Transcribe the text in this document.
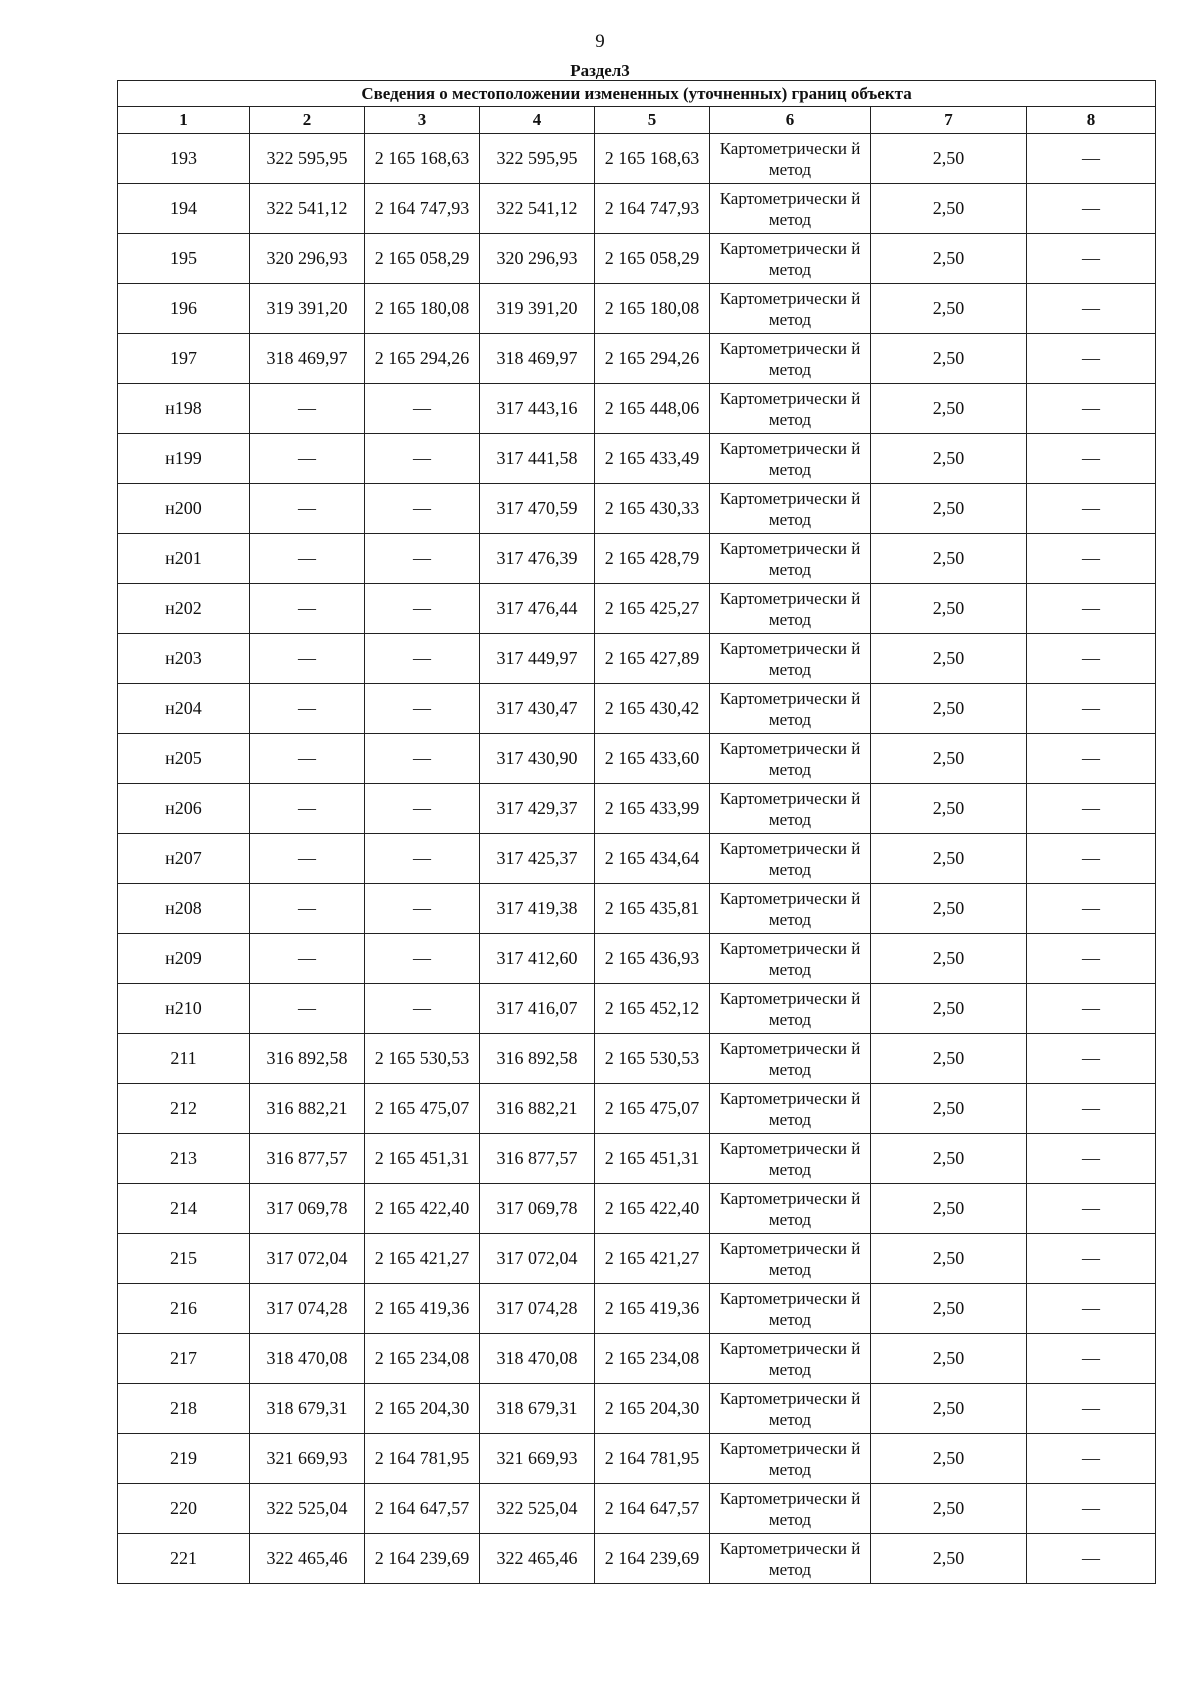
9
Раздел3
Сведения о местоположении измененных (уточненных) границ объекта							
1	2	3	4	5	6	7	8
193	322 595,95	2 165 168,63	322 595,95	2 165 168,63	Картометрически й метод	2,50	—
194	322 541,12	2 164 747,93	322 541,12	2 164 747,93	Картометрически й метод	2,50	—
195	320 296,93	2 165 058,29	320 296,93	2 165 058,29	Картометрически й метод	2,50	—
196	319 391,20	2 165 180,08	319 391,20	2 165 180,08	Картометрически й метод	2,50	—
197	318 469,97	2 165 294,26	318 469,97	2 165 294,26	Картометрически й метод	2,50	—
н198	—	—	317 443,16	2 165 448,06	Картометрически й метод	2,50	—
н199	—	—	317 441,58	2 165 433,49	Картометрически й метод	2,50	—
н200	—	—	317 470,59	2 165 430,33	Картометрически й метод	2,50	—
н201	—	—	317 476,39	2 165 428,79	Картометрически й метод	2,50	—
н202	—	—	317 476,44	2 165 425,27	Картометрически й метод	2,50	—
н203	—	—	317 449,97	2 165 427,89	Картометрически й метод	2,50	—
н204	—	—	317 430,47	2 165 430,42	Картометрически й метод	2,50	—
н205	—	—	317 430,90	2 165 433,60	Картометрически й метод	2,50	—
н206	—	—	317 429,37	2 165 433,99	Картометрически й метод	2,50	—
н207	—	—	317 425,37	2 165 434,64	Картометрически й метод	2,50	—
н208	—	—	317 419,38	2 165 435,81	Картометрически й метод	2,50	—
н209	—	—	317 412,60	2 165 436,93	Картометрически й метод	2,50	—
н210	—	—	317 416,07	2 165 452,12	Картометрически й метод	2,50	—
211	316 892,58	2 165 530,53	316 892,58	2 165 530,53	Картометрически й метод	2,50	—
212	316 882,21	2 165 475,07	316 882,21	2 165 475,07	Картометрически й метод	2,50	—
213	316 877,57	2 165 451,31	316 877,57	2 165 451,31	Картометрически й метод	2,50	—
214	317 069,78	2 165 422,40	317 069,78	2 165 422,40	Картометрически й метод	2,50	—
215	317 072,04	2 165 421,27	317 072,04	2 165 421,27	Картометрически й метод	2,50	—
216	317 074,28	2 165 419,36	317 074,28	2 165 419,36	Картометрически й метод	2,50	—
217	318 470,08	2 165 234,08	318 470,08	2 165 234,08	Картометрически й метод	2,50	—
218	318 679,31	2 165 204,30	318 679,31	2 165 204,30	Картометрически й метод	2,50	—
219	321 669,93	2 164 781,95	321 669,93	2 164 781,95	Картометрически й метод	2,50	—
220	322 525,04	2 164 647,57	322 525,04	2 164 647,57	Картометрически й метод	2,50	—
221	322 465,46	2 164 239,69	322 465,46	2 164 239,69	Картометрически й метод	2,50	—
